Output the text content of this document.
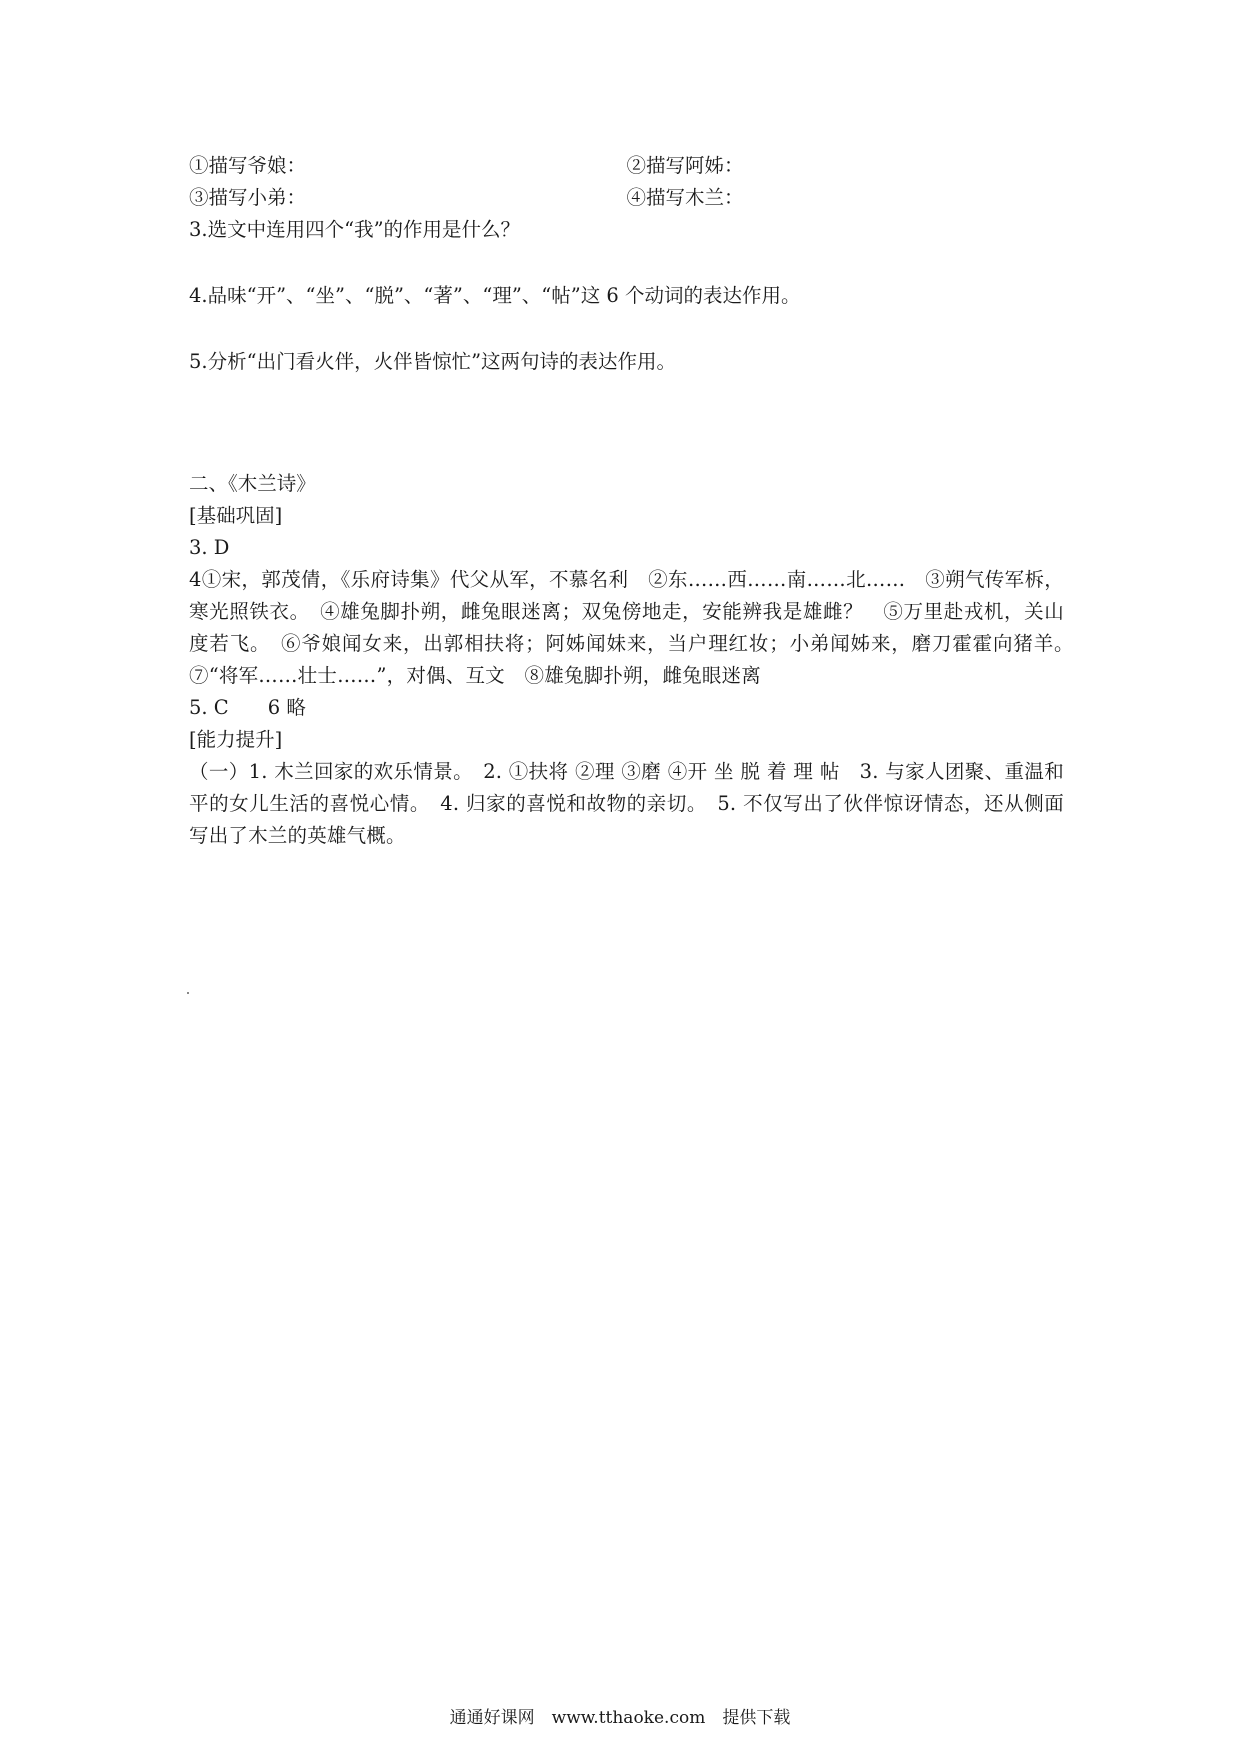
①描写爷娘：	②描写阿姊：
③描写小弟：	④描写木兰：
3.选文中连用四个“我”的作用是什么？
4.品味“开”、“坐”、“脱”、“著”、“理”、“帖”这 6 个动词的表达作用。
5.分析“出门看火伴，火伴皆惊忙”这两句诗的表达作用。
二、《木兰诗》
[基础巩固]
3. D
4①宋，郭茂倩，《乐府诗集》代父从军，不慕名利　②东……西……南……北……　③朔气传军柝，寒光照铁衣。　④雄兔脚扑朔，雌兔眼迷离；双兔傍地走，安能辨我是雄雌？　⑤万里赴戎机，关山度若飞。　⑥爷娘闻女来，出郭相扶将；阿姊闻妹来，当户理红妆；小弟闻姊来，磨刀霍霍向猪羊。　⑦“将军……壮士……”，对偶、互文　⑧雄兔脚扑朔，雌兔眼迷离
5. C　　6 略
[能力提升]
（一）1. 木兰回家的欢乐情景。　2. ①扶将 ②理 ③磨 ④开 坐 脱 着 理 帖　3. 与家人团聚、重温和平的女儿生活的喜悦心情。　4. 归家的喜悦和故物的亲切。　5. 不仅写出了伙伴惊讶情态，还从侧面写出了木兰的英雄气概。
通通好课网　www.tthaoke.com　提供下载
